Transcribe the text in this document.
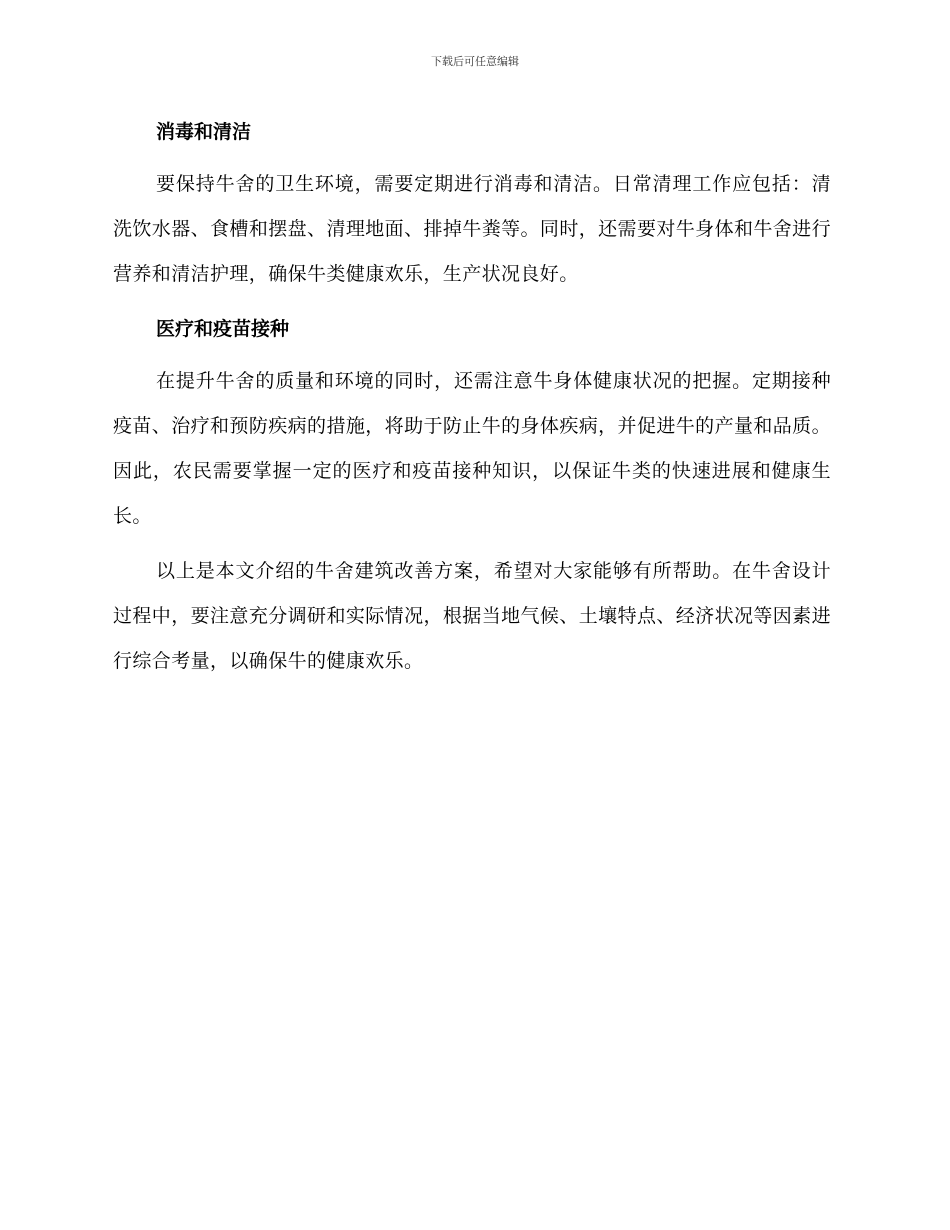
下载后可任意编辑

消毒和清洁

要保持牛舍的卫生环境，需要定期进行消毒和清洁。日常清理工作应包括：清洗饮水器、食槽和摆盘、清理地面、排掉牛粪等。同时，还需要对牛身体和牛舍进行营养和清洁护理，确保牛类健康欢乐，生产状况良好。

医疗和疫苗接种

在提升牛舍的质量和环境的同时，还需注意牛身体健康状况的把握。定期接种疫苗、治疗和预防疾病的措施，将助于防止牛的身体疾病，并促进牛的产量和品质。因此，农民需要掌握一定的医疗和疫苗接种知识，以保证牛类的快速进展和健康生长。

以上是本文介绍的牛舍建筑改善方案，希望对大家能够有所帮助。在牛舍设计过程中，要注意充分调研和实际情况，根据当地气候、土壤特点、经济状况等因素进行综合考量，以确保牛的健康欢乐。
